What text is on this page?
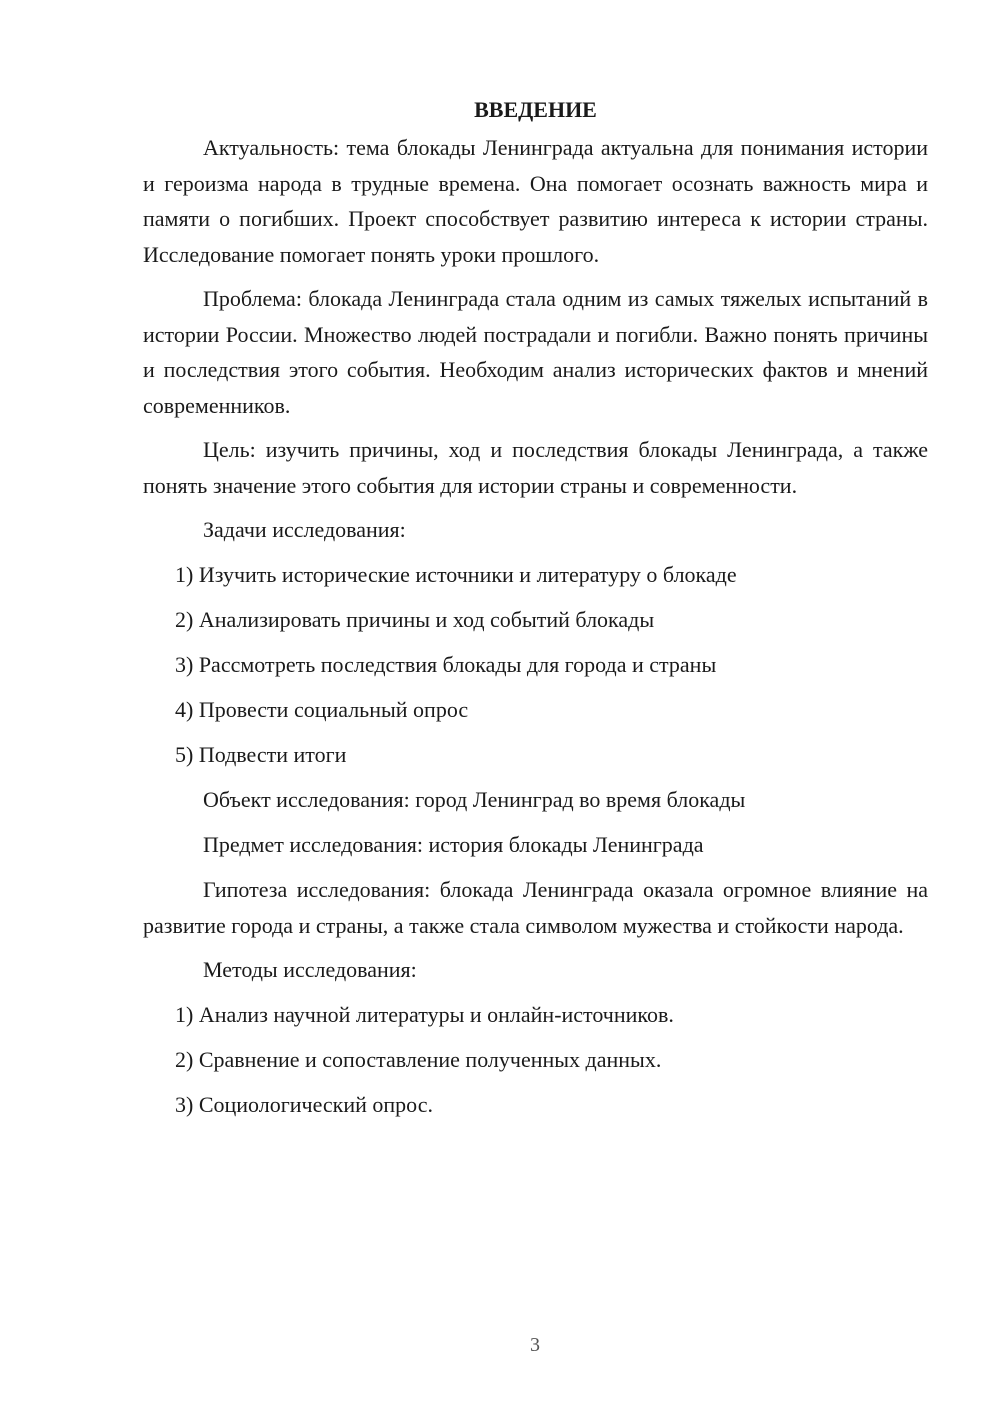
ВВЕДЕНИЕ

Актуальность: тема блокады Ленинграда актуальна для понимания истории и героизма народа в трудные времена. Она помогает осознать важность мира и памяти о погибших. Проект способствует развитию интереса к истории страны. Исследование помогает понять уроки прошлого.

Проблема: блокада Ленинграда стала одним из самых тяжелых испытаний в истории России. Множество людей пострадали и погибли. Важно понять причины и последствия этого события. Необходим анализ исторических фактов и мнений современников.

Цель: изучить причины, ход и последствия блокады Ленинграда, а также понять значение этого события для истории страны и современности.

Задачи исследования:
1) Изучить исторические источники и литературу о блокаде
2) Анализировать причины и ход событий блокады
3) Рассмотреть последствия блокады для города и страны
4) Провести социальный опрос
5) Подвести итоги
Объект исследования: город Ленинград во время блокады
Предмет исследования: история блокады Ленинграда

Гипотеза исследования: блокада Ленинграда оказала огромное влияние на развитие города и страны, а также стала символом мужества и стойкости народа.

Методы исследования:
1) Анализ научной литературы и онлайн-источников.
2) Сравнение и сопоставление полученных данных.
3) Социологический опрос.
3
